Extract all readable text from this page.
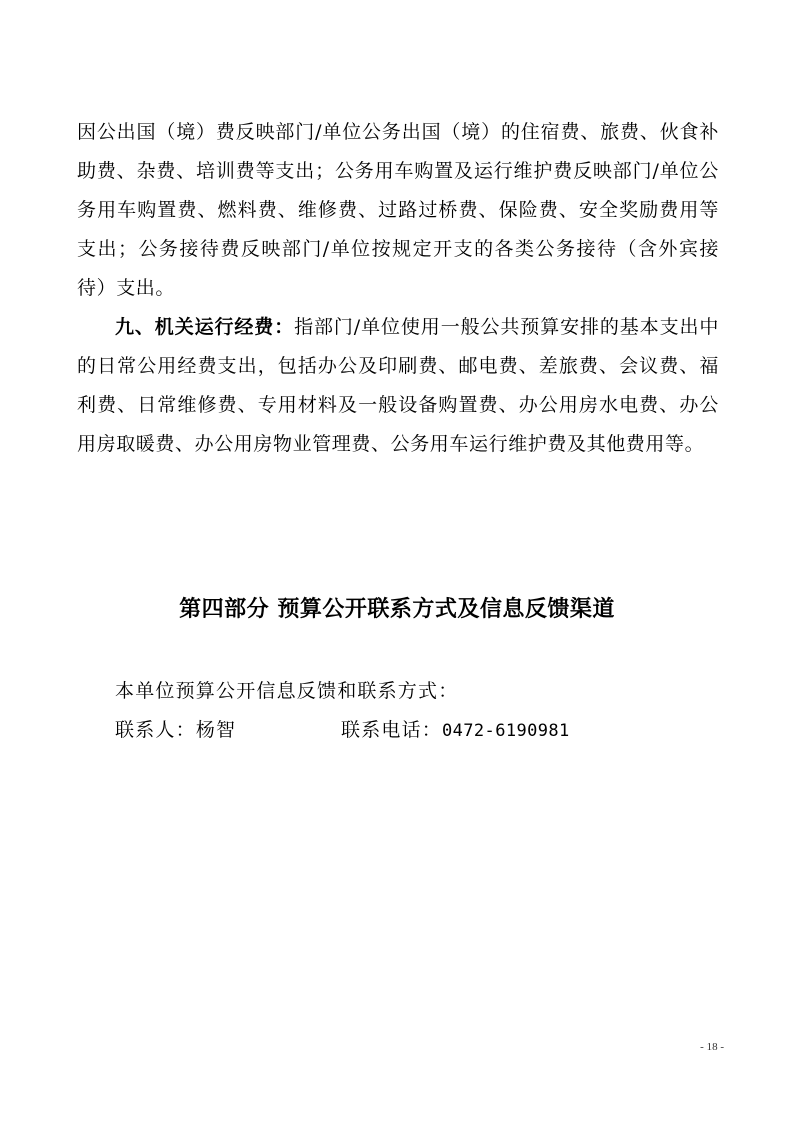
因公出国（境）费反映部门/单位公务出国（境）的住宿费、旅费、伙食补助费、杂费、培训费等支出；公务用车购置及运行维护费反映部门/单位公务用车购置费、燃料费、维修费、过路过桥费、保险费、安全奖励费用等支出；公务接待费反映部门/单位按规定开支的各类公务接待（含外宾接待）支出。

九、机关运行经费：指部门/单位使用一般公共预算安排的基本支出中的日常公用经费支出，包括办公及印刷费、邮电费、差旅费、会议费、福利费、日常维修费、专用材料及一般设备购置费、办公用房水电费、办公用房取暖费、办公用房物业管理费、公务用车运行维护费及其他费用等。

第四部分 预算公开联系方式及信息反馈渠道

本单位预算公开信息反馈和联系方式：

联系人：杨智	联系电话：0472-6190981

- 18 -
